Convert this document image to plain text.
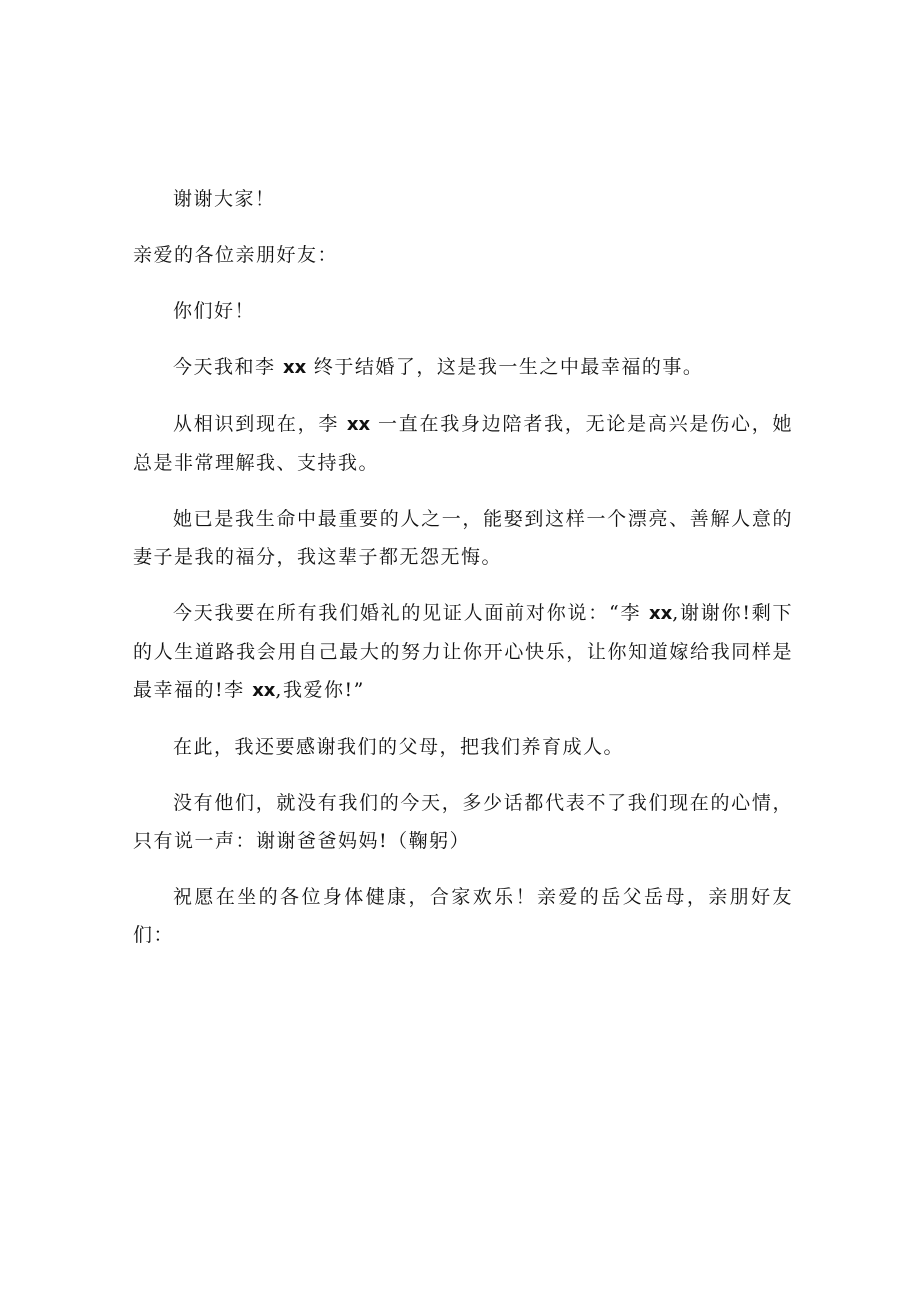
谢谢大家！

亲爱的各位亲朋好友：

你们好！

今天我和李 xx 终于结婚了，这是我一生之中最幸福的事。

从相识到现在，李 xx 一直在我身边陪者我，无论是高兴是伤心，她总是非常理解我、支持我。

她已是我生命中最重要的人之一，能娶到这样一个漂亮、善解人意的妻子是我的福分，我这辈子都无怨无悔。

今天我要在所有我们婚礼的见证人面前对你说：“李 xx,谢谢你!剩下的人生道路我会用自己最大的努力让你开心快乐，让你知道嫁给我同样是最幸福的!李 xx,我爱你!”

在此，我还要感谢我们的父母，把我们养育成人。

没有他们，就没有我们的今天，多少话都代表不了我们现在的心情，只有说一声：谢谢爸爸妈妈!（鞠躬）

祝愿在坐的各位身体健康，合家欢乐！亲爱的岳父岳母，亲朋好友们：
